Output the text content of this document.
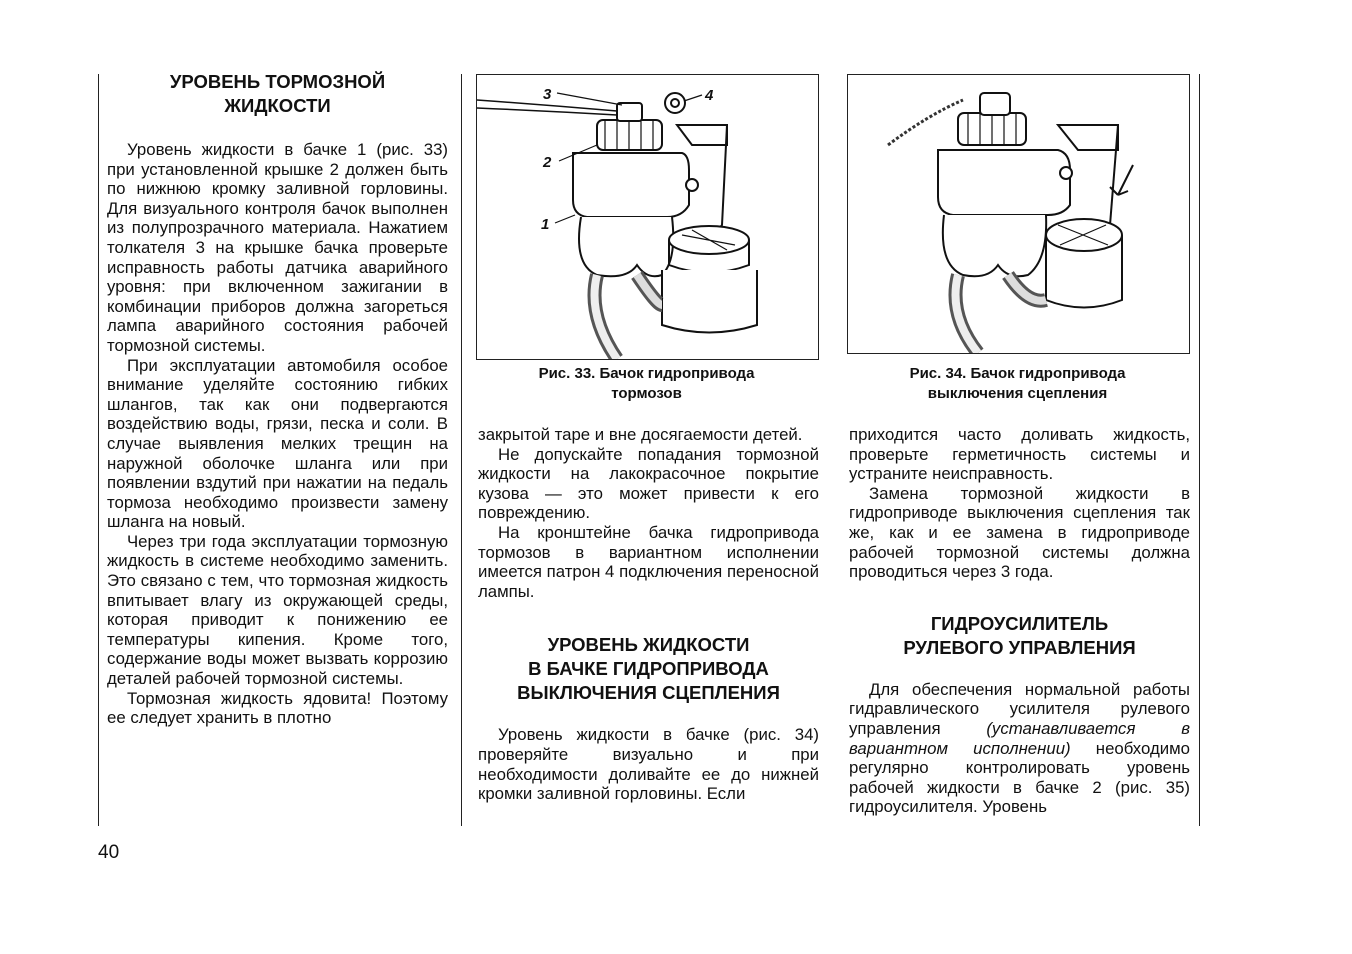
УРОВЕНЬ ТОРМОЗНОЙ
ЖИДКОСТИ

Уровень жидкости в бачке 1 (рис. 33) при установленной крышке 2 должен быть по нижнюю кромку заливной горловины. Для визуального контроля бачок выполнен из полупрозрачного материала. Нажатием толкателя 3 на крышке бачка проверьте исправность работы датчика аварийного уровня: при включенном зажигании в комбинации приборов должна загореться лампа аварийного состояния рабочей тормозной системы.

При эксплуатации автомобиля особое внимание уделяйте состоянию гибких шлангов, так как они подвергаются воздействию воды, грязи, песка и соли. В случае выявления мелких трещин на наружной оболочке шланга или при появлении вздутий при нажатии на педаль тормоза необходимо произвести замену шланга на новый.

Через три года эксплуатации тормозную жидкость в системе необходимо заменить. Это связано с тем, что тормозная жидкость впитывает влагу из окружающей среды, которая приводит к понижению ее температуры кипения. Кроме того, содержание воды может вызвать коррозию деталей рабочей тормозной системы.

Тормозная жидкость ядовита! Поэтому ее следует хранить в плотно

3	4
2
1

Рис. 33. Бачок гидропривода
тормозов

Рис. 34. Бачок гидропривода
выключения сцепления

закрытой таре и вне досягаемости детей.

Не допускайте попадания тормозной жидкости на лакокрасочное покрытие кузова — это может привести к его повреждению.

На кронштейне бачка гидропривода тормозов в вариантном исполнении имеется патрон 4 подключения переносной лампы.

УРОВЕНЬ ЖИДКОСТИ
В БАЧКЕ ГИДРОПРИВОДА
ВЫКЛЮЧЕНИЯ СЦЕПЛЕНИЯ

Уровень жидкости в бачке (рис. 34) проверяйте визуально и при необходимости доливайте ее до нижней кромки заливной горловины. Если

приходится часто доливать жидкость, проверьте герметичность системы и устраните неисправность.

Замена тормозной жидкости в гидроприводе выключения сцепления так же, как и ее замена в гидроприводе рабочей тормозной системы должна проводиться через 3 года.

ГИДРОУСИЛИТЕЛЬ
РУЛЕВОГО УПРАВЛЕНИЯ

Для обеспечения нормальной работы гидравлического усилителя рулевого управления (устанавливается в вариантном исполнении) необходимо регулярно контролировать уровень рабочей жидкости в бачке 2 (рис. 35) гидроусилителя. Уровень

40
